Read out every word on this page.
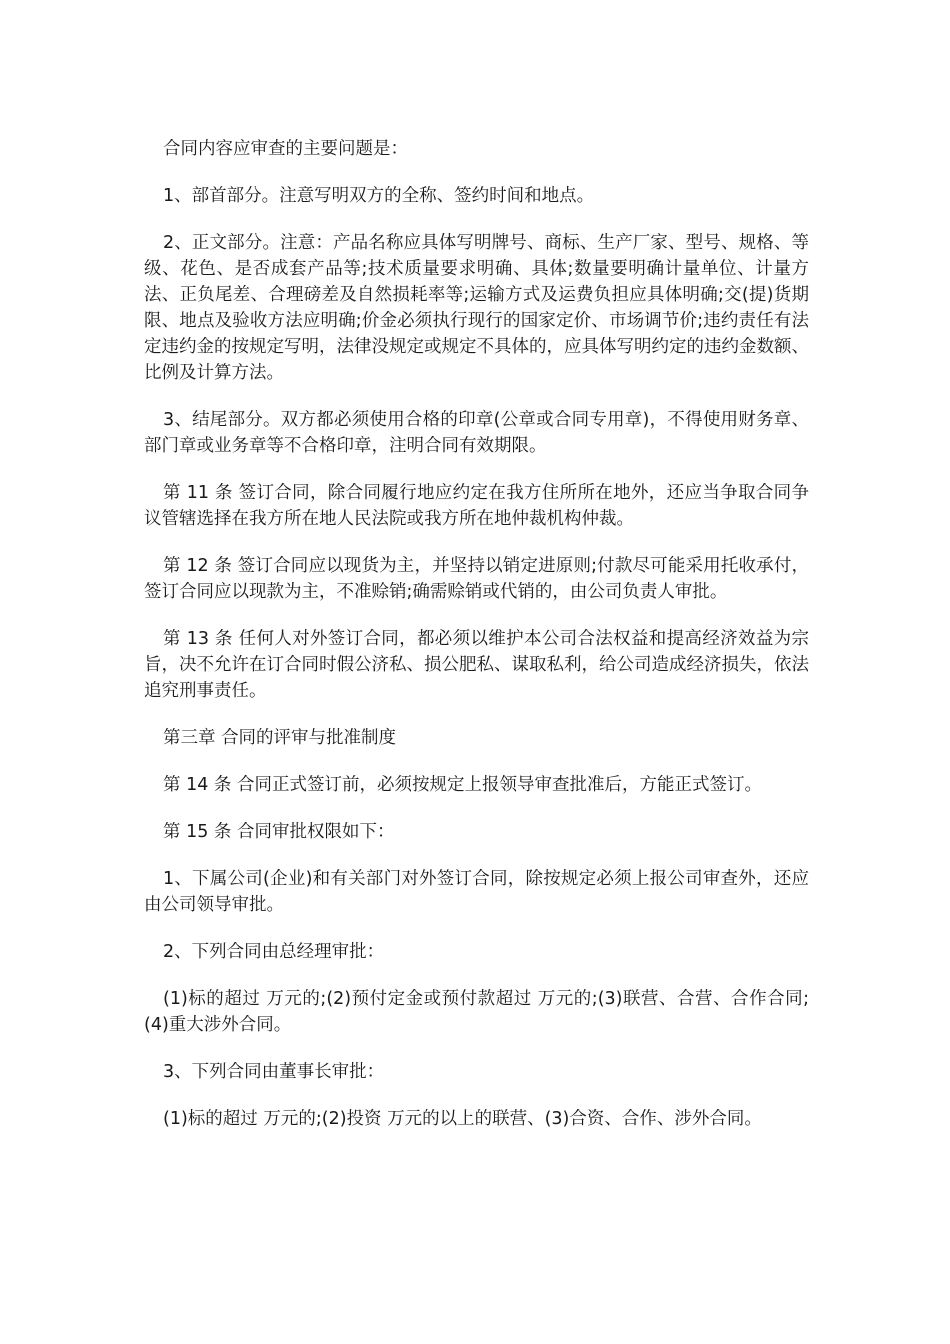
合同内容应审查的主要问题是：

1、部首部分。注意写明双方的全称、签约时间和地点。

2、正文部分。注意：产品名称应具体写明牌号、商标、生产厂家、型号、规格、等级、花色、是否成套产品等;技术质量要求明确、具体;数量要明确计量单位、计量方法、正负尾差、合理磅差及自然损耗率等;运输方式及运费负担应具体明确;交(提)货期限、地点及验收方法应明确;价金必须执行现行的国家定价、市场调节价;违约责任有法定违约金的按规定写明，法律没规定或规定不具体的，应具体写明约定的违约金数额、比例及计算方法。

3、结尾部分。双方都必须使用合格的印章(公章或合同专用章)，不得使用财务章、部门章或业务章等不合格印章，注明合同有效期限。

第 11 条 签订合同，除合同履行地应约定在我方住所所在地外，还应当争取合同争议管辖选择在我方所在地人民法院或我方所在地仲裁机构仲裁。

第 12 条 签订合同应以现货为主，并坚持以销定进原则;付款尽可能采用托收承付，签订合同应以现款为主，不准赊销;确需赊销或代销的，由公司负责人审批。

第 13 条 任何人对外签订合同，都必须以维护本公司合法权益和提高经济效益为宗旨，决不允许在订合同时假公济私、损公肥私、谋取私利，给公司造成经济损失，依法追究刑事责任。

第三章 合同的评审与批准制度

第 14 条 合同正式签订前，必须按规定上报领导审查批准后，方能正式签订。

第 15 条 合同审批权限如下：

1、下属公司(企业)和有关部门对外签订合同，除按规定必须上报公司审查外，还应由公司领导审批。

2、下列合同由总经理审批：

(1)标的超过 万元的;(2)预付定金或预付款超过 万元的;(3)联营、合营、合作合同;(4)重大涉外合同。

3、下列合同由董事长审批：

(1)标的超过 万元的;(2)投资 万元的以上的联营、(3)合资、合作、涉外合同。
